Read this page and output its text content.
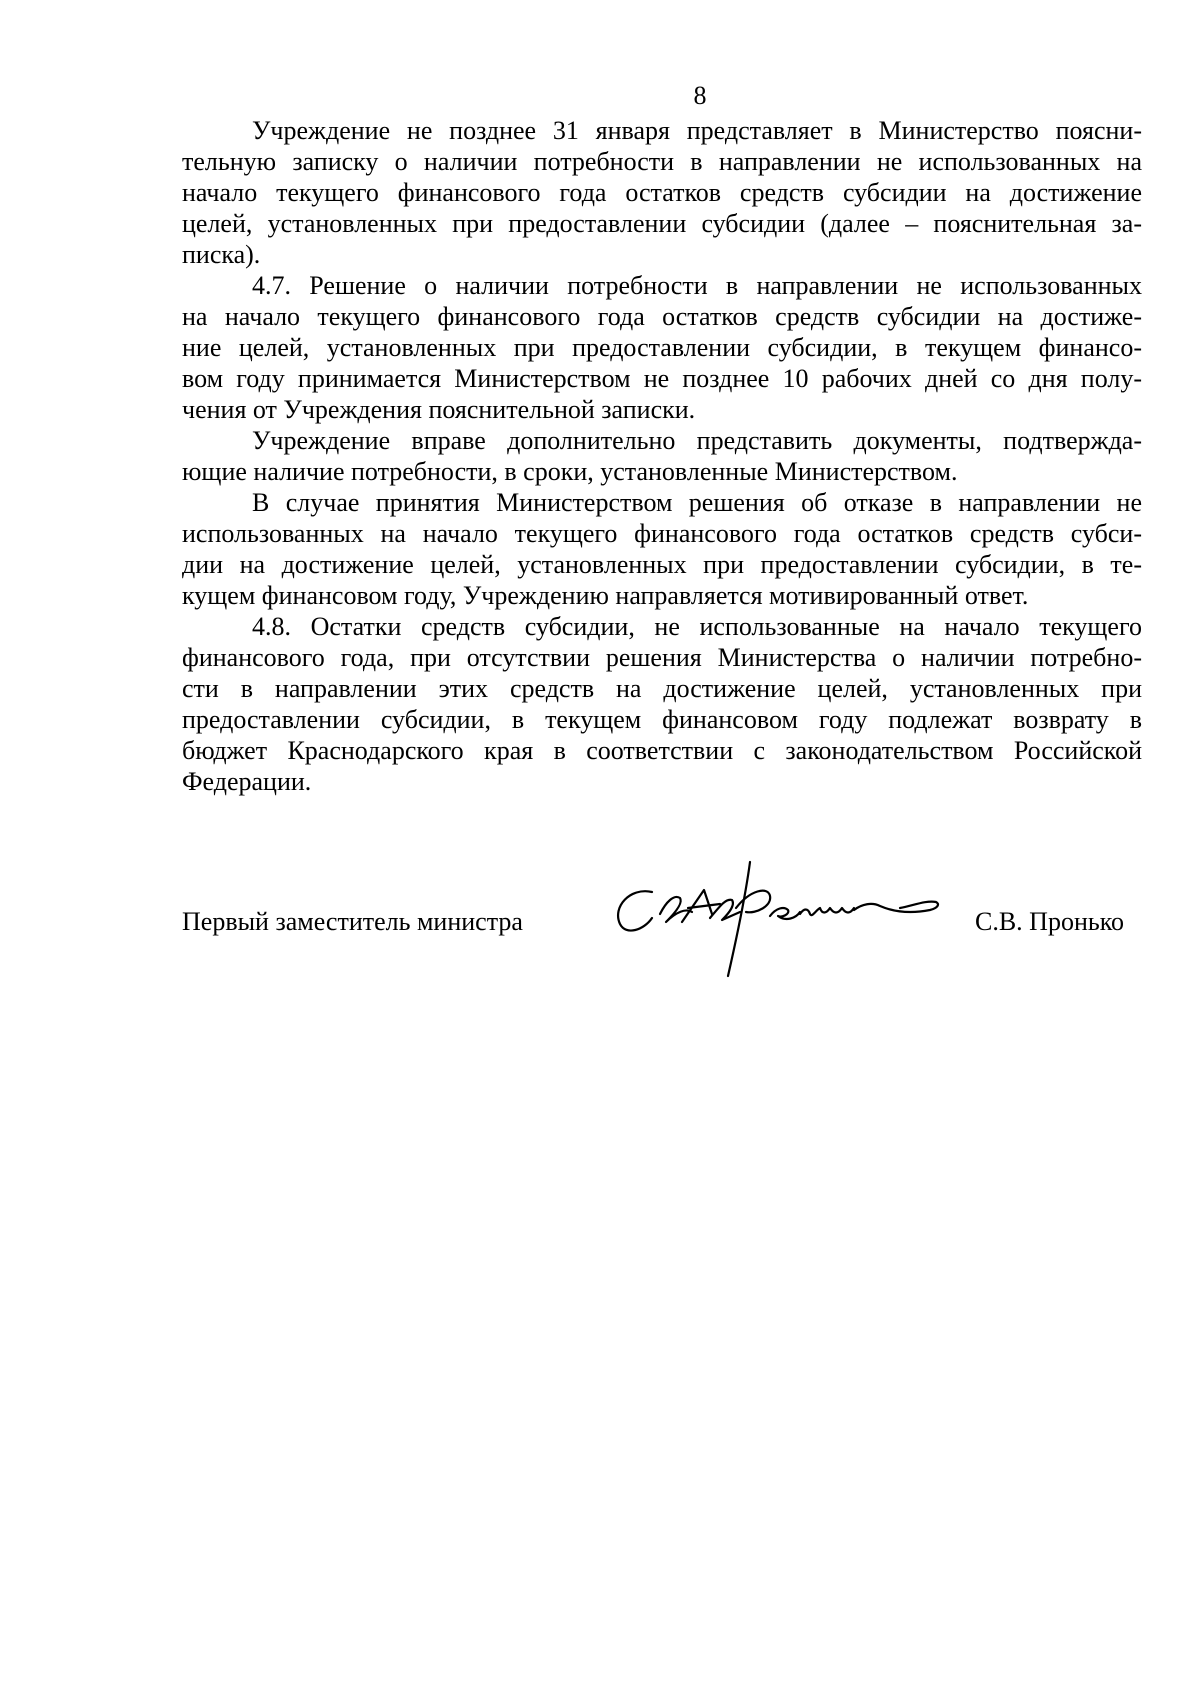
8
Учреждение не позднее 31 января представляет в Министерство поясни-
тельную записку о наличии потребности в направлении не использованных на
начало текущего финансового года остатков средств субсидии на достижение
целей, установленных при предоставлении субсидии (далее – пояснительная за-
писка).
4.7. Решение о наличии потребности в направлении не использованных
на начало текущего финансового года остатков средств субсидии на достиже-
ние целей, установленных при предоставлении субсидии, в текущем финансо-
вом году принимается Министерством не позднее 10 рабочих дней со дня полу-
чения от Учреждения пояснительной записки.
Учреждение вправе дополнительно представить документы, подтвержда-
ющие наличие потребности, в сроки, установленные Министерством.
В случае принятия Министерством решения об отказе в направлении не
использованных на начало текущего финансового года остатков средств субси-
дии на достижение целей, установленных при предоставлении субсидии, в те-
кущем финансовом году, Учреждению направляется мотивированный ответ.
4.8. Остатки средств субсидии, не использованные на начало текущего
финансового года, при отсутствии решения Министерства о наличии потребно-
сти в направлении этих средств на достижение целей, установленных при
предоставлении субсидии, в текущем финансовом году подлежат возврату в
бюджет Краснодарского края в соответствии с законодательством Российской
Федерации.
Первый заместитель министра	С.В. Пронько
